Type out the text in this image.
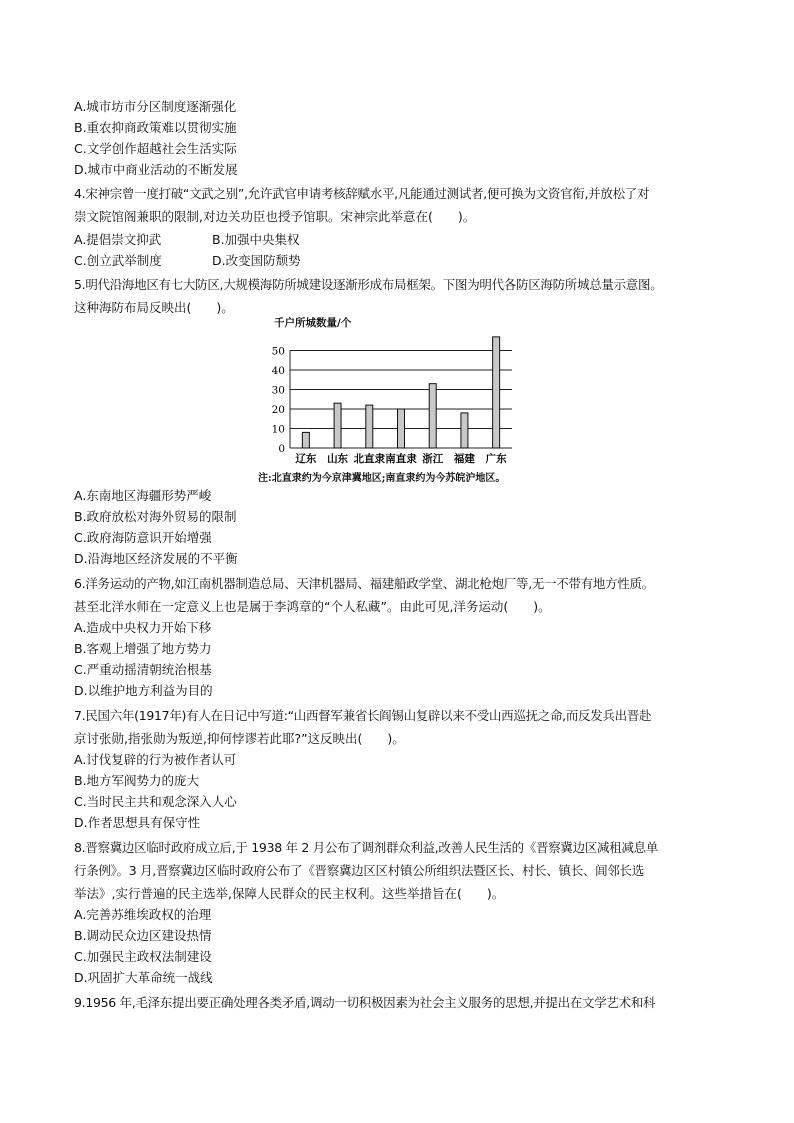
A.城市坊市分区制度逐渐强化
B.重农抑商政策难以贯彻实施
C.文学创作超越社会生活实际
D.城市中商业活动的不断发展
4.宋神宗曾一度打破“文武之别”,允许武官申请考核辞赋水平,凡能通过测试者,便可换为文资官衔,并放松了对
崇文院馆阁兼职的限制,对边关功臣也授予馆职。宋神宗此举意在(　　)。
A.提倡崇文抑武	B.加强中央集权
C.创立武举制度	D.改变国防颓势
5.明代沿海地区有七大防区,大规模海防所城建设逐渐形成布局框架。下图为明代各防区海防所城总量示意图。
这种海防布局反映出(　　)。
千户所城数量/个
0
10
20
30
40
50
辽东 山东 北直隶 南直隶 浙江 福建 广东
注:北直隶约为今京津冀地区;南直隶约为今苏皖沪地区。
A.东南地区海疆形势严峻
B.政府放松对海外贸易的限制
C.政府海防意识开始增强
D.沿海地区经济发展的不平衡
6.洋务运动的产物,如江南机器制造总局、天津机器局、福建船政学堂、湖北枪炮厂等,无一不带有地方性质。
甚至北洋水师在一定意义上也是属于李鸿章的“个人私藏”。由此可见,洋务运动(　　)。
A.造成中央权力开始下移
B.客观上增强了地方势力
C.严重动摇清朝统治根基
D.以维护地方利益为目的
7.民国六年(1917年)有人在日记中写道:“山西督军兼省长阎锡山复辟以来不受山西巡抚之命,而反发兵出晋赴
京讨张勋,指张勋为叛逆,抑何悖谬若此耶?”这反映出(　　)。
A.讨伐复辟的行为被作者认可
B.地方军阀势力的庞大
C.当时民主共和观念深入人心
D.作者思想具有保守性
8.晋察冀边区临时政府成立后,于 1938 年 2 月公布了调剂群众利益,改善人民生活的《晋察冀边区减租减息单
行条例》。3 月,晋察冀边区临时政府公布了《晋察冀边区区村镇公所组织法暨区长、村长、镇长、闾邻长选
举法》,实行普遍的民主选举,保障人民群众的民主权利。这些举措旨在(　　)。
A.完善苏维埃政权的治理
B.调动民众边区建设热情
C.加强民主政权法制建设
D.巩固扩大革命统一战线
9.1956 年,毛泽东提出要正确处理各类矛盾,调动一切积极因素为社会主义服务的思想,并提出在文学艺术和科
